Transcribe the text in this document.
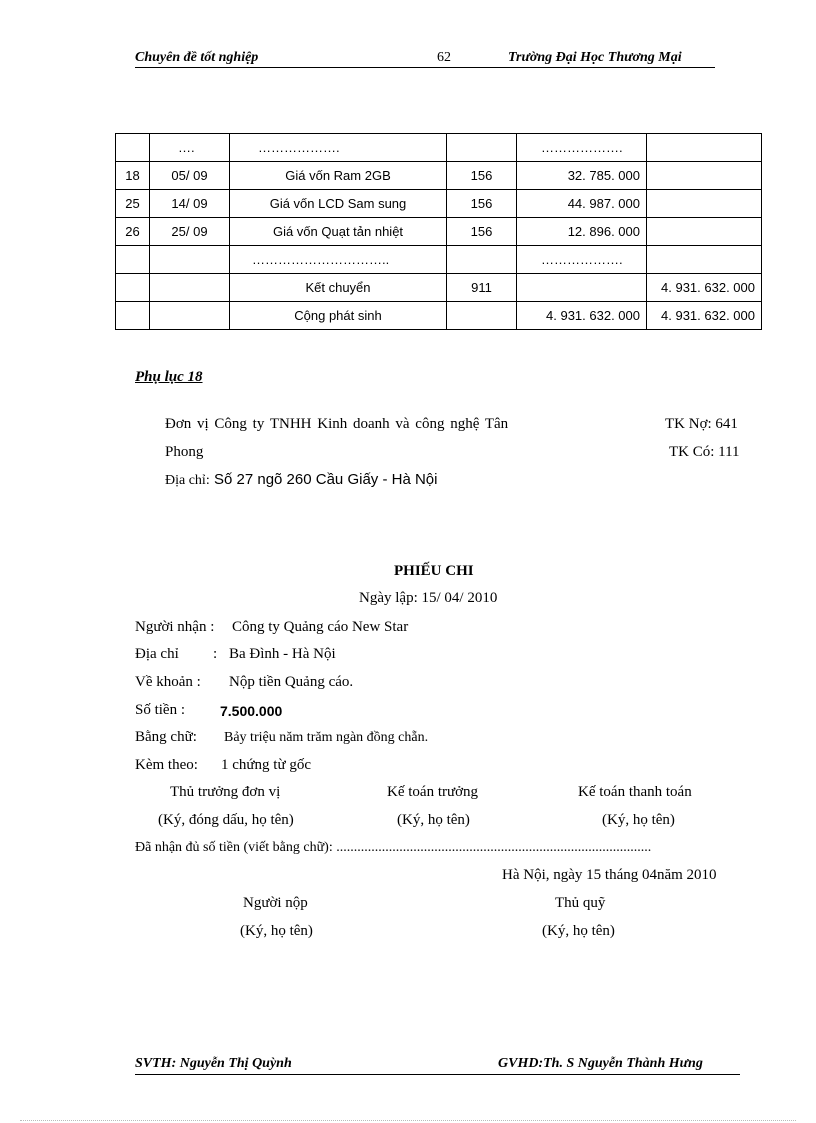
Chuyên đề tốt nghiệp	62	Trường Đại Học Thương Mại
	….	……………….		……………….	
18	05/ 09	Giá vốn Ram 2GB	156	32. 785. 000	
25	14/ 09	Giá vốn LCD Sam sung	156	44. 987. 000	
26	25/ 09	Giá vốn Quạt tản nhiệt	156	12. 896. 000	
		…………………………..		……………….	
		Kết chuyển	911		4. 931. 632. 000
		Cộng phát sinh		4. 931. 632. 000	4. 931. 632. 000
Phụ lục 18
Đơn vị Công ty TNHH Kinh doanh và công nghệ Tân
Phong
TK Nợ: 641
TK Có: 111
Địa chỉ: Số 27 ngõ 260 Cầu Giấy - Hà Nội
PHIẾU CHI
Ngày lập: 15/ 04/ 2010
Người nhận : Công ty Quảng cáo New Star
Địa chỉ : Ba Đình - Hà Nội
Về khoản : Nộp tiền Quảng cáo.
Số tiền : 7.500.000
Bằng chữ: Bảy triệu năm trăm ngàn đồng chẵn.
Kèm theo: 1 chứng từ gốc
Thủ trưởng đơn vị	Kế toán trưởng	Kế toán thanh toán
(Ký, đóng dấu, họ tên)	(Ký, họ tên)	(Ký, họ tên)
Đã nhận đủ số tiền (viết bằng chữ): ..........................................................................................
Hà Nội, ngày 15 tháng 04năm 2010
Người nộp	Thủ quỹ
(Ký, họ tên)	(Ký, họ tên)
SVTH: Nguyễn Thị Quỳnh	GVHD:Th. S Nguyễn Thành Hưng
